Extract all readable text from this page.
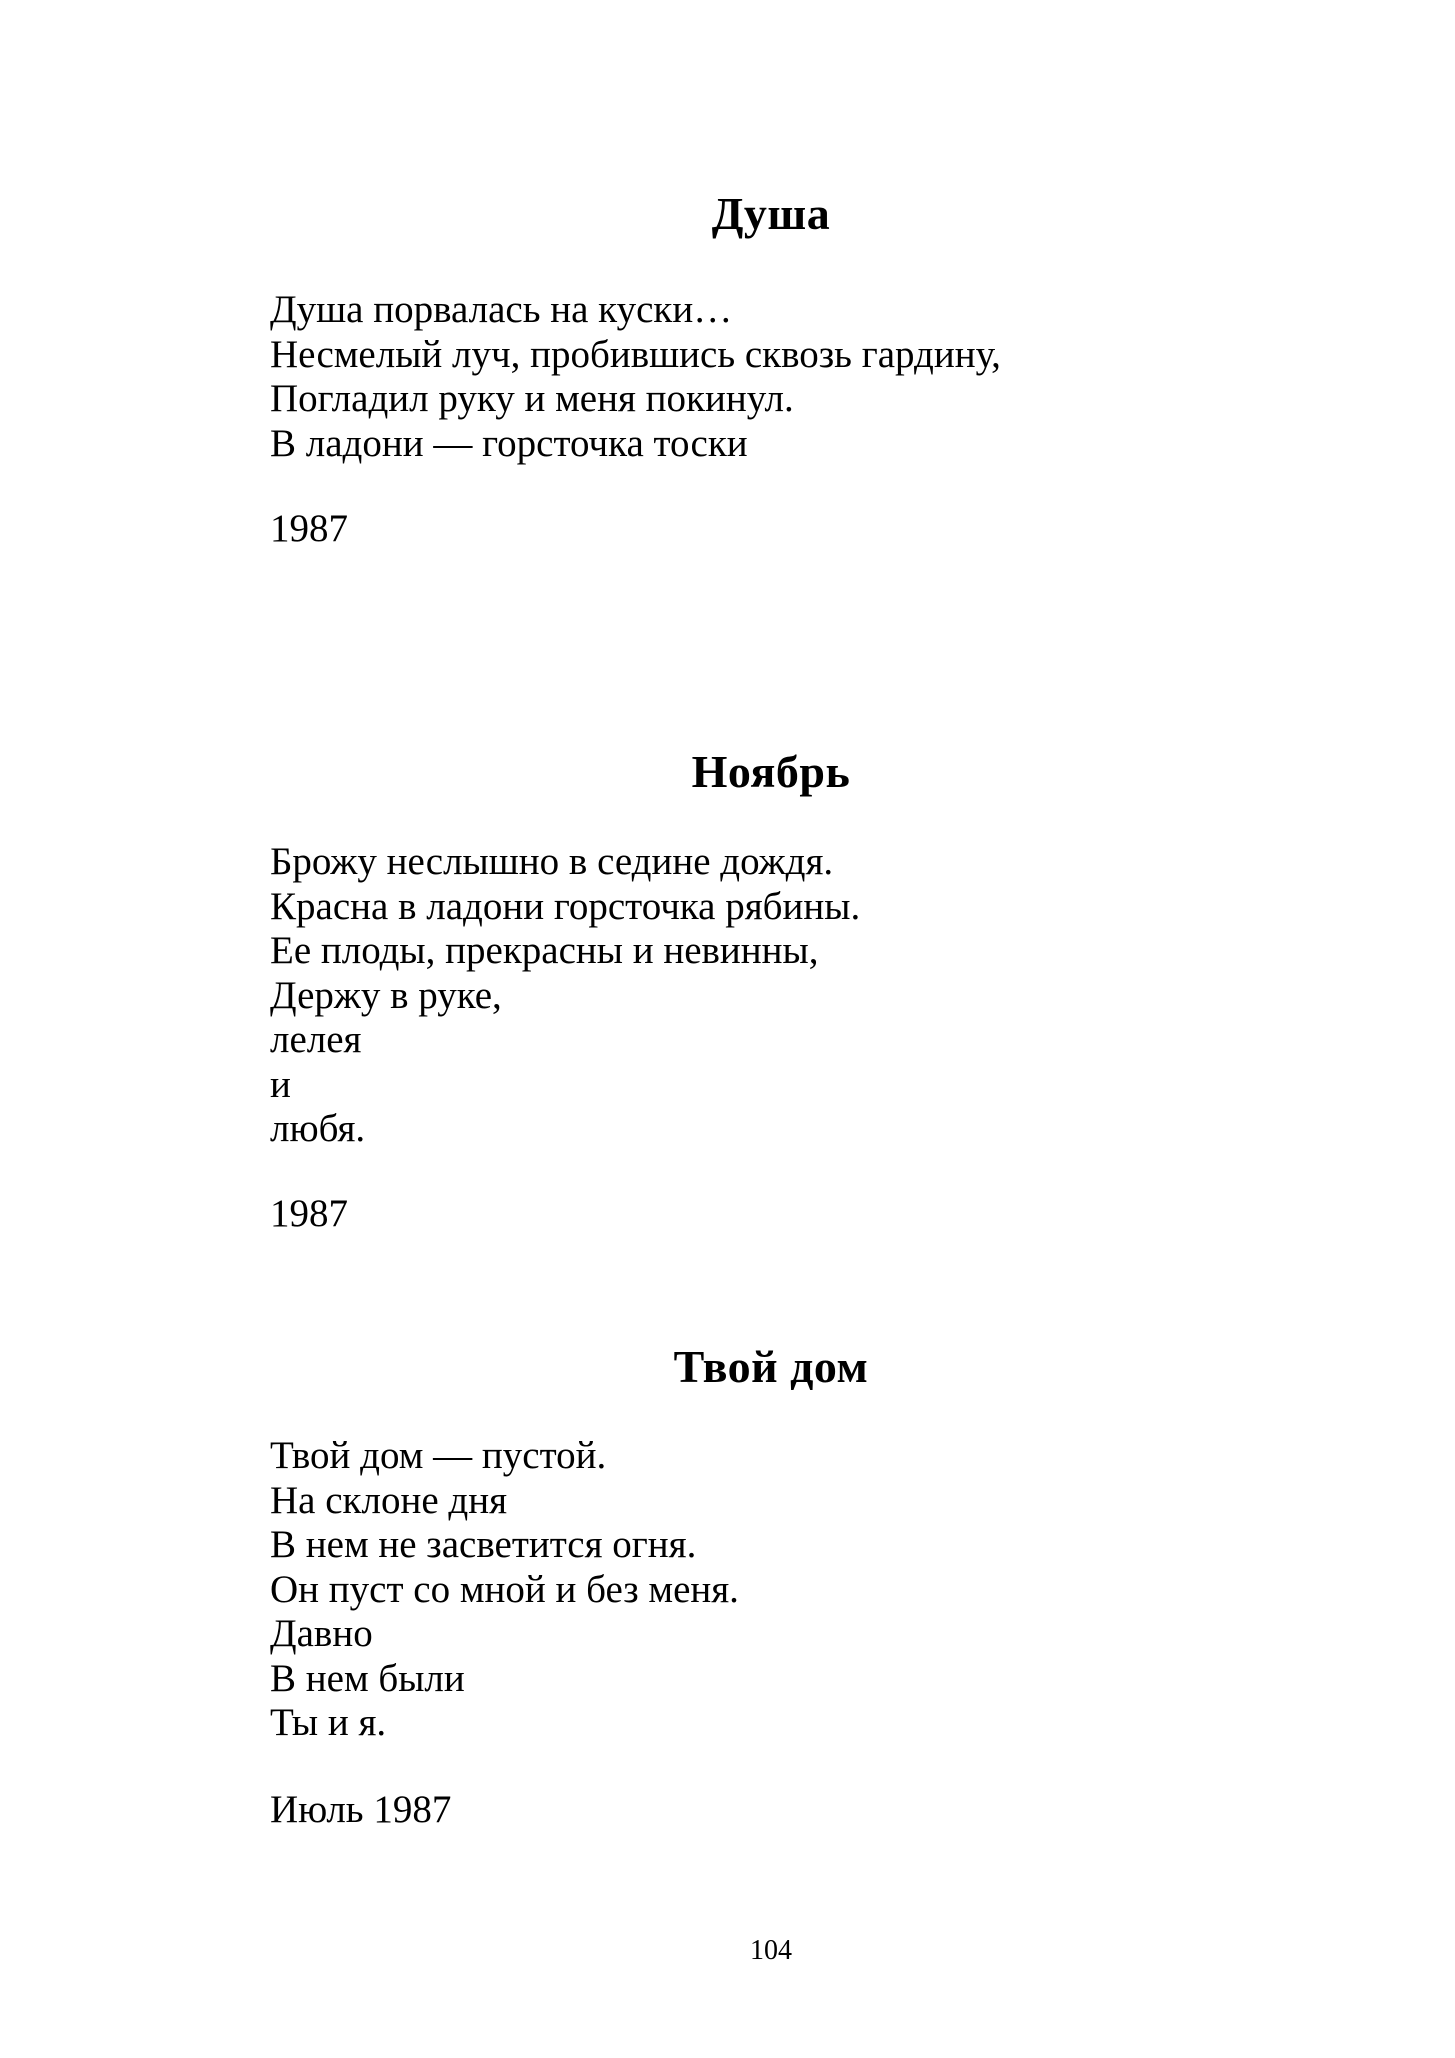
Душа
Душа порвалась на куски…
Несмелый луч, пробившись сквозь гардину,
Погладил руку и меня покинул.
В ладони — горсточка тоски
1987
Ноябрь
Брожу неслышно в седине дождя.
Красна в ладони горсточка рябины.
Ее плоды, прекрасны и невинны,
Держу в руке,
лелея
и
любя.
1987
Твой дом
Твой дом — пустой.
На склоне дня
В нем не засветится огня.
Он пуст со мной и без меня.
Давно
В нем были
Ты и я.
Июль 1987
104
